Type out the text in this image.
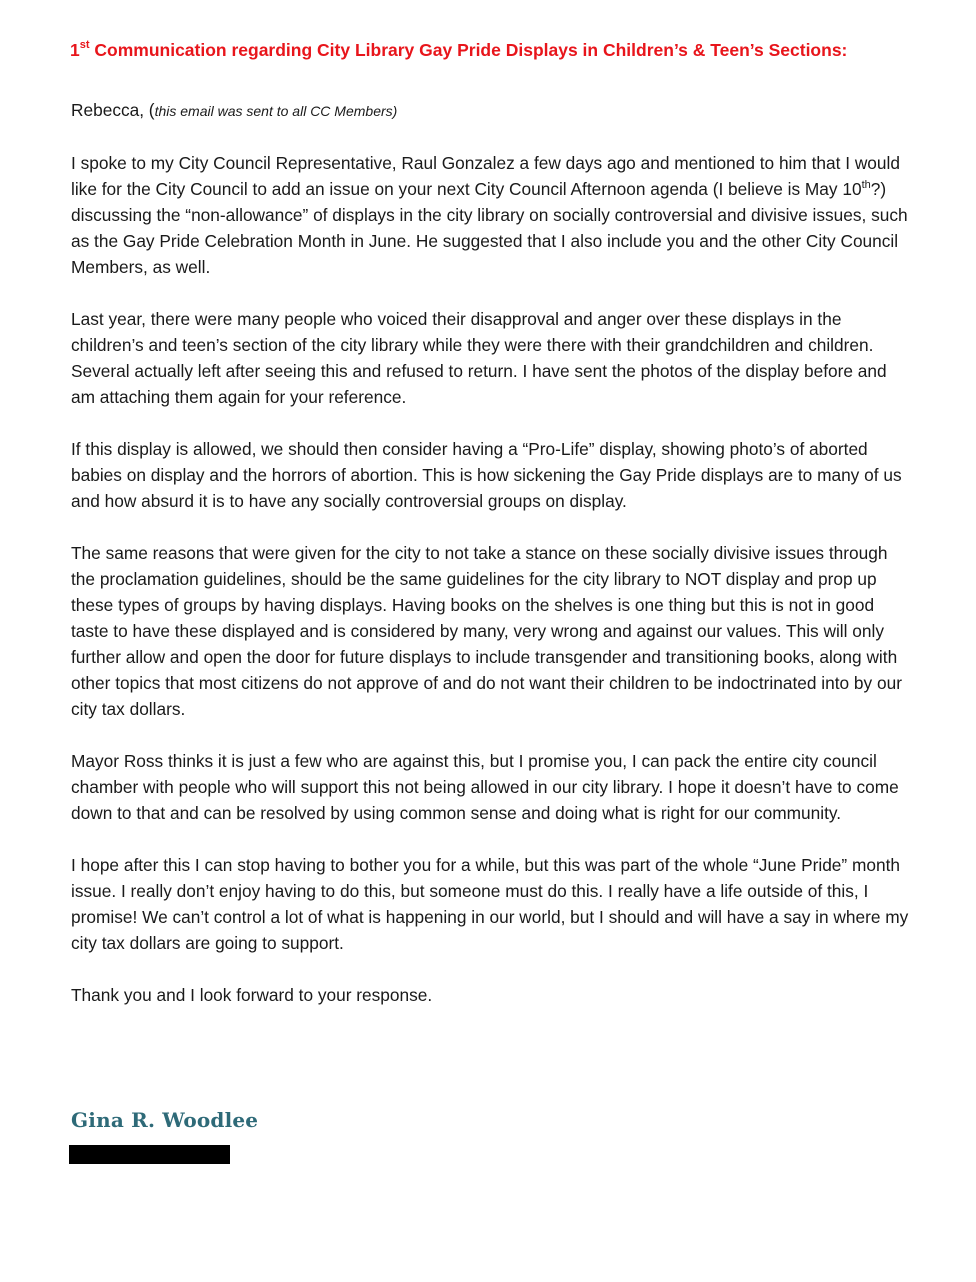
1st Communication regarding City Library Gay Pride Displays in Children’s & Teen’s Sections:

Rebecca, (this email was sent to all CC Members)

I spoke to my City Council Representative, Raul Gonzalez a few days ago and mentioned to him that I would like for the City Council to add an issue on your next City Council Afternoon agenda (I believe is May 10th?) discussing the “non-allowance” of displays in the city library on socially controversial and divisive issues, such as the Gay Pride Celebration Month in June. He suggested that I also include you and the other City Council Members, as well.

Last year, there were many people who voiced their disapproval and anger over these displays in the children’s and teen’s section of the city library while they were there with their grandchildren and children. Several actually left after seeing this and refused to return. I have sent the photos of the display before and am attaching them again for your reference.

If this display is allowed, we should then consider having a “Pro-Life” display, showing photo’s of aborted babies on display and the horrors of abortion. This is how sickening the Gay Pride displays are to many of us and how absurd it is to have any socially controversial groups on display.

The same reasons that were given for the city to not take a stance on these socially divisive issues through the proclamation guidelines, should be the same guidelines for the city library to NOT display and prop up these types of groups by having displays. Having books on the shelves is one thing but this is not in good taste to have these displayed and is considered by many, very wrong and against our values. This will only further allow and open the door for future displays to include transgender and transitioning books, along with other topics that most citizens do not approve of and do not want their children to be indoctrinated into by our city tax dollars.

Mayor Ross thinks it is just a few who are against this, but I promise you, I can pack the entire city council chamber with people who will support this not being allowed in our city library. I hope it doesn’t have to come down to that and can be resolved by using common sense and doing what is right for our community.

I hope after this I can stop having to bother you for a while, but this was part of the whole “June Pride” month issue. I really don’t enjoy having to do this, but someone must do this. I really have a life outside of this, I promise! We can’t control a lot of what is happening in our world, but I should and will have a say in where my city tax dollars are going to support.

Thank you and I look forward to your response.

Gina R. Woodlee
